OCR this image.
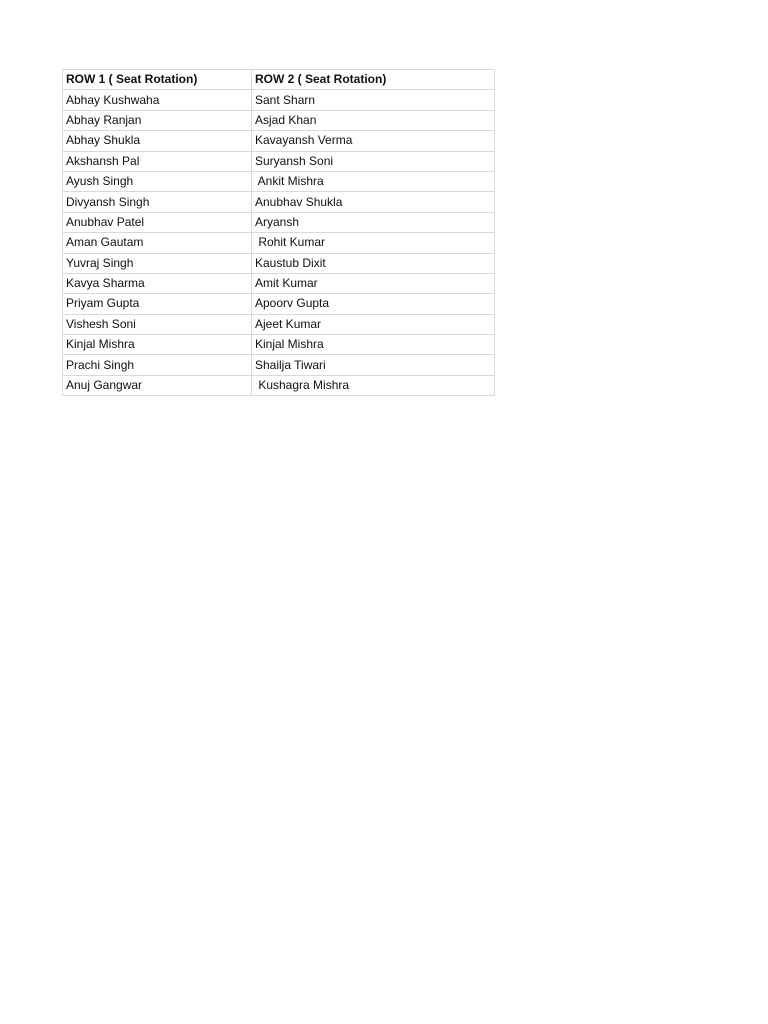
ROW 1 ( Seat Rotation)	ROW 2 ( Seat Rotation)
Abhay Kushwaha	Sant Sharn
Abhay Ranjan	Asjad Khan
Abhay Shukla	Kavayansh Verma
Akshansh Pal	Suryansh Soni
Ayush Singh	Ankit Mishra
Divyansh Singh	Anubhav Shukla
Anubhav Patel	Aryansh
Aman Gautam	Rohit Kumar
Yuvraj Singh	Kaustub Dixit
Kavya Sharma	Amit Kumar
Priyam Gupta	Apoorv Gupta
Vishesh Soni	Ajeet Kumar
Kinjal Mishra	Kinjal Mishra
Prachi Singh	Shailja Tiwari
Anuj Gangwar	Kushagra Mishra
